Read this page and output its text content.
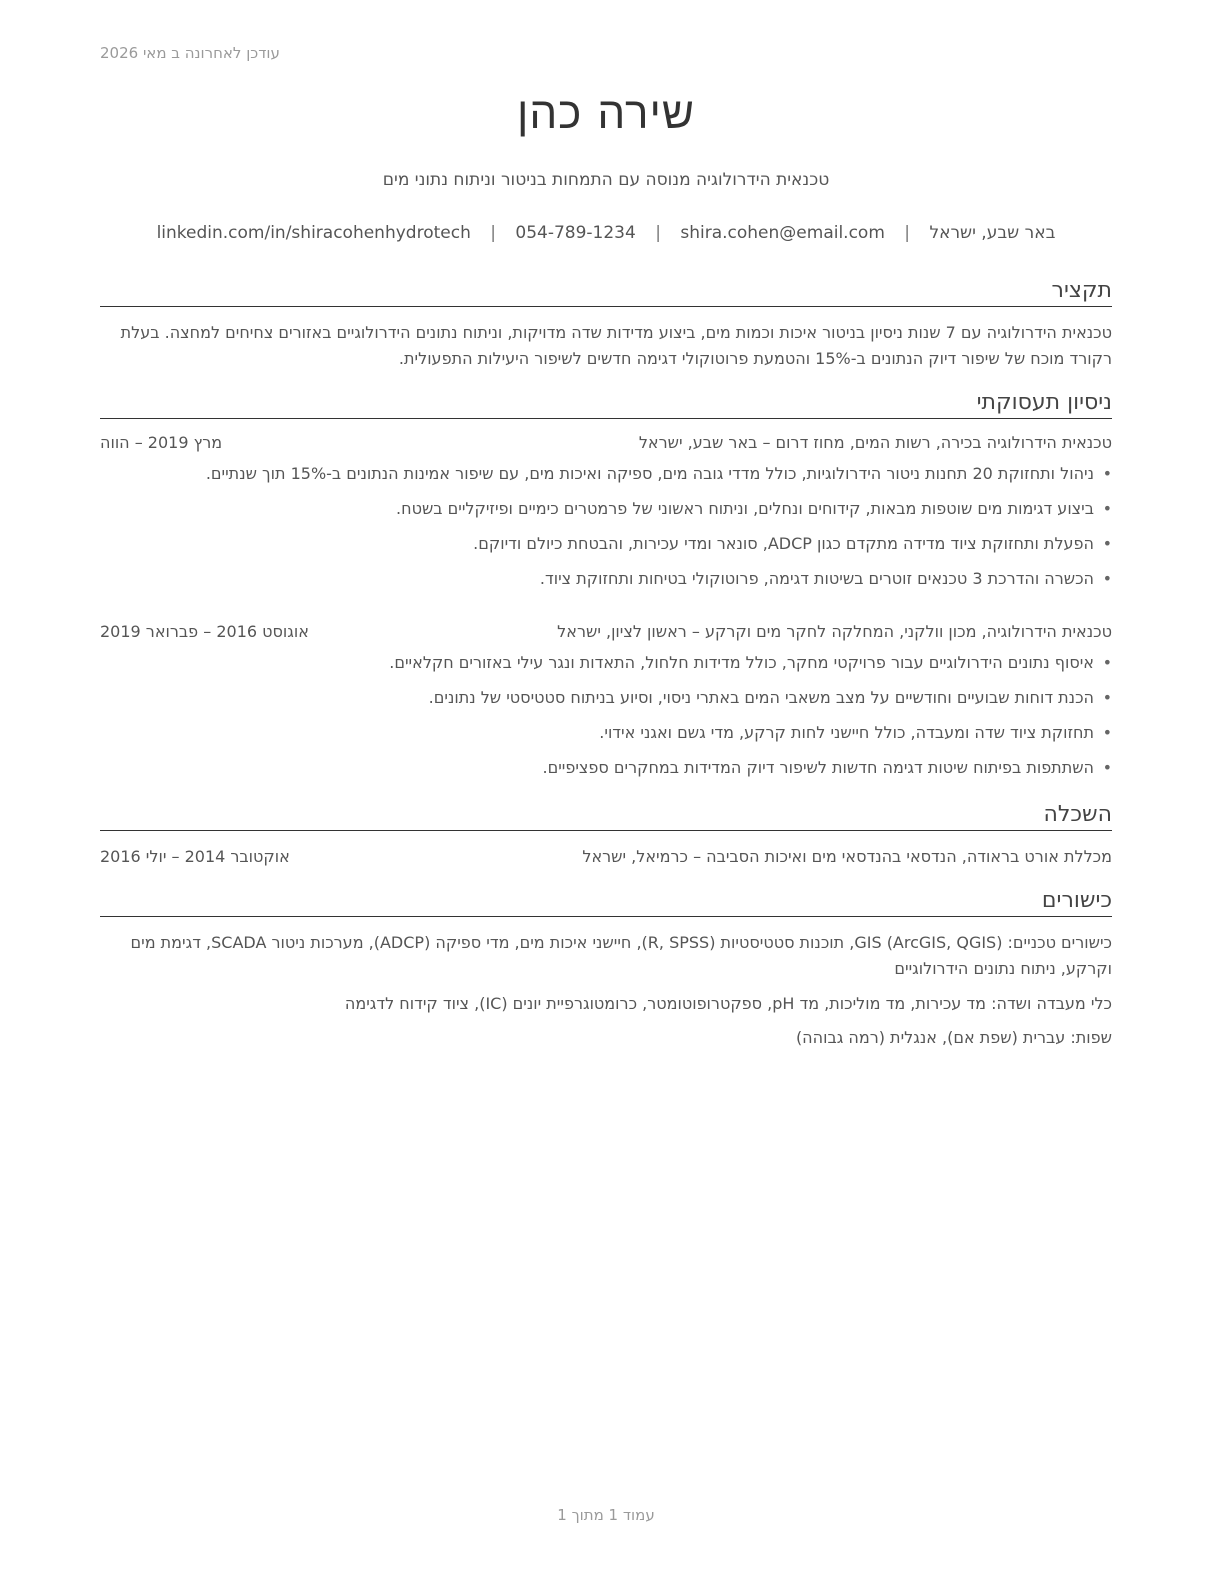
עודכן לאחרונה ב מאי 2026
שירה כהן
טכנאית הידרולוגיה מנוסה עם התמחות בניטור וניתוח נתוני מים
באר שבע, ישראל | shira.cohen@email.com | 054-789-1234 | linkedin.com/in/shiracohenhydrotech
תקציר
טכנאית הידרולוגיה עם 7 שנות ניסיון בניטור איכות וכמות מים, ביצוע מדידות שדה מדויקות, וניתוח נתונים הידרולוגיים באזורים צחיחים למחצה. בעלת רקורד מוכח של שיפור דיוק הנתונים ב-15% והטמעת פרוטוקולי דגימה חדשים לשיפור היעילות התפעולית.
ניסיון תעסוקתי
טכנאית הידרולוגיה בכירה, רשות המים, מחוז דרום – באר שבע, ישראל
מרץ 2019 – הווה
• ניהול ותחזוקת 20 תחנות ניטור הידרולוגיות, כולל מדדי גובה מים, ספיקה ואיכות מים, עם שיפור אמינות הנתונים ב-15% תוך שנתיים.
• ביצוע דגימות מים שוטפות מבאות, קידוחים ונחלים, וניתוח ראשוני של פרמטרים כימיים ופיזיקליים בשטח.
• הפעלת ותחזוקת ציוד מדידה מתקדם כגון ADCP, סונאר ומדי עכירות, והבטחת כיולם ודיוקם.
• הכשרה והדרכת 3 טכנאים זוטרים בשיטות דגימה, פרוטוקולי בטיחות ותחזוקת ציוד.
טכנאית הידרולוגיה, מכון וולקני, המחלקה לחקר מים וקרקע – ראשון לציון, ישראל
אוגוסט 2016 – פברואר 2019
• איסוף נתונים הידרולוגיים עבור פרויקטי מחקר, כולל מדידות חלחול, התאדות ונגר עילי באזורים חקלאיים.
• הכנת דוחות שבועיים וחודשיים על מצב משאבי המים באתרי ניסוי, וסיוע בניתוח סטטיסטי של נתונים.
• תחזוקת ציוד שדה ומעבדה, כולל חיישני לחות קרקע, מדי גשם ואגני אידוי.
• השתתפות בפיתוח שיטות דגימה חדשות לשיפור דיוק המדידות במחקרים ספציפיים.
השכלה
מכללת אורט בראודה, הנדסאי בהנדסאי מים ואיכות הסביבה – כרמיאל, ישראל
אוקטובר 2014 – יולי 2016
כישורים
כישורים טכניים: GIS (ArcGIS, QGIS), תוכנות סטטיסטיות (R, SPSS), חיישני איכות מים, מדי ספיקה (ADCP), מערכות ניטור SCADA, דגימת מים וקרקע, ניתוח נתונים הידרולוגיים
כלי מעבדה ושדה: מד עכירות, מד מוליכות, מד pH, ספקטרופוטומטר, כרומטוגרפיית יונים (IC), ציוד קידוח לדגימה
שפות: עברית (שפת אם), אנגלית (רמה גבוהה)
עמוד 1 מתוך 1
